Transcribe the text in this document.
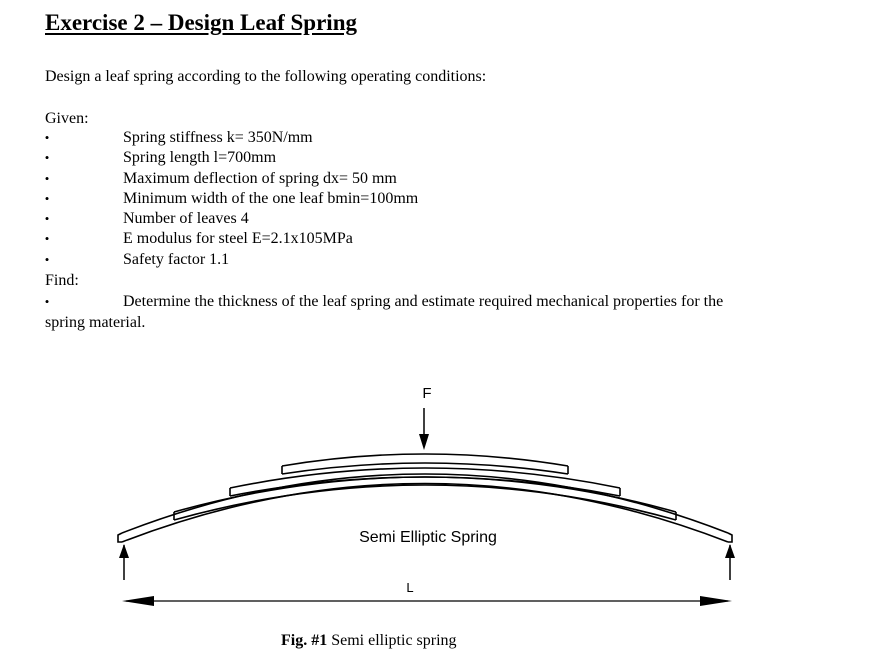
Exercise 2 – Design Leaf Spring
Design a leaf spring according to the following operating conditions:
Given:
•	Spring stiffness k= 350N/mm
•	Spring length l=700mm
•	Maximum deflection of spring dx= 50 mm
•	Minimum width of the one leaf bmin=100mm
•	Number of leaves 4
•	E modulus for steel E=2.1x105MPa
•	Safety factor 1.1
Find:
•	Determine the thickness of the leaf spring and estimate required mechanical properties for the
spring material.
F
Semi Elliptic Spring
L
Fig. #1 Semi elliptic spring
